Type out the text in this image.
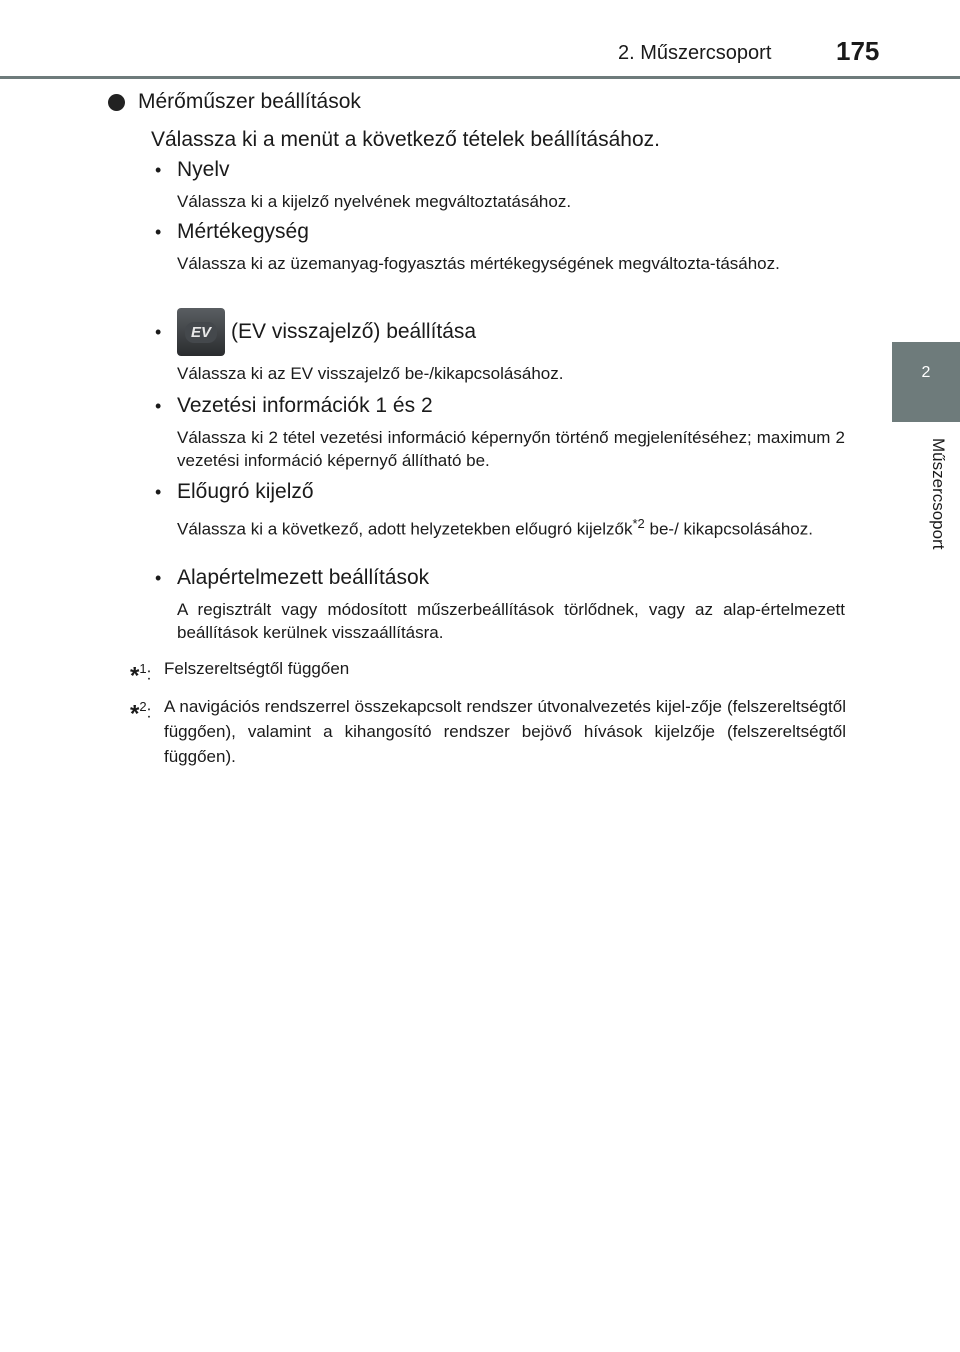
2. Műszercsoport 175
2
Műszercsoport
Mérőműszer beállítások
Válassza ki a menüt a következő tételek beállításához.
• Nyelv
Válassza ki a kijelző nyelvének megváltoztatásához.
• Mértékegység
Válassza ki az üzemanyag-fogyasztás mértékegységének megváltozta-tásához.
•	EV (EV visszajelző) beállítása
Válassza ki az EV visszajelző be-/kikapcsolásához.
• Vezetési információk 1 és 2
Válassza ki 2 tétel vezetési információ képernyőn történő megjelenítéséhez; maximum 2 vezetési információ képernyő állítható be.
• Előugró kijelző
Válassza ki a következő, adott helyzetekben előugró kijelzők$^{*2}$ be-/ kikapcsolásához.
• Alapértelmezett beállítások
A regisztrált vagy módosított műszerbeállítások törlődnek, vagy az alap-értelmezett beállítások kerülnek visszaállításra.
*$^1$: Felszereltségtől függően
*$^2$: A navigációs rendszerrel összekapcsolt rendszer útvonalvezetés kijel-zője (felszereltségtől függően), valamint a kihangosító rendszer bejövő hívások kijelzője (felszereltségtől függően).
